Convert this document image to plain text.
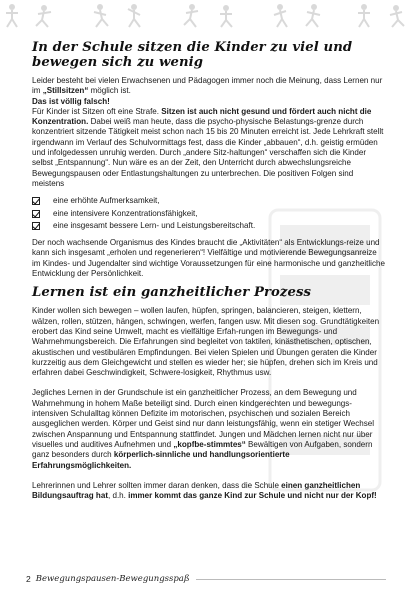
In der Schule sitzen die Kinder zu viel und bewegen sich zu wenig

Leider besteht bei vielen Erwachsenen und Pädagogen immer noch die Meinung, dass Lernen nur im „Stillsitzen“ möglich ist.
Das ist völlig falsch!
Für Kinder ist Sitzen oft eine Strafe. Sitzen ist auch nicht gesund und fördert auch nicht die Konzentration. Dabei weiß man heute, dass die psycho-physische Belastungs-grenze durch konzentriert sitzende Tätigkeit meist schon nach 15 bis 20 Minuten erreicht ist. Jede Lehrkraft stellt irgendwann im Verlauf des Schulvormittags fest, dass die Kinder „abbauen“, d.h. geistig ermüden und infolgedessen unruhig werden. Durch „andere Sitz-haltungen“ verschaffen sich die Kinder selbst „Entspannung“. Nun wäre es an der Zeit, den Unterricht durch abwechslungsreiche Bewegungspausen oder Entlastungshaltungen zu unterbrechen. Die positiven Folgen sind meistens

eine erhöhte Aufmerksamkeit,
eine intensivere Konzentrationsfähigkeit,
eine insgesamt bessere Lern- und Leistungsbereitschaft.

Der noch wachsende Organismus des Kindes braucht die „Aktivitäten“ als Entwicklungs-reize und kann sich insgesamt „erholen und regenerieren“! Vielfältige und motivierende Bewegungsanreize im Kindes- und Jugendalter sind wichtige Voraussetzungen für eine harmonische und ganzheitliche Entwicklung der Persönlichkeit.

Lernen ist ein ganzheitlicher Prozess

Kinder wollen sich bewegen – wollen laufen, hüpfen, springen, balancieren, steigen, klettern, wälzen, rollen, stützen, hängen, schwingen, werfen, fangen usw. Mit diesen sog. Grundtätigkeiten erobert das Kind seine Umwelt, macht es vielfältige Erfah-rungen im Bewegungs- und Wahrnehmungsbereich. Die Erfahrungen sind begleitet von taktilen, kinästhetischen, optischen, akustischen und vestibulären Empfindungen. Bei vielen Spielen und Übungen geraten die Kinder kurzzeitig aus dem Gleichgewicht und stellen es wieder her; sie hüpfen, drehen sich im Kreis und erfahren dabei Geschwindigkeit, Schwere-losigkeit, Rhythmus usw.

Jegliches Lernen in der Grundschule ist ein ganzheitlicher Prozess, an dem Bewegung und Wahrnehmung in hohem Maße beteiligt sind. Durch einen kindgerechten und bewegungs-intensiven Schulalltag können Defizite im motorischen, psychischen und sozialen Bereich ausgeglichen werden. Körper und Geist sind nur dann leistungsfähig, wenn ein stetiger Wechsel zwischen Anspannung und Entspannung stattfindet. Jungen und Mädchen lernen nicht nur über visuelles und auditives Aufnehmen und „kopfbe-stimmtes“ Bewältigen von Aufgaben, sondern ganz besonders durch körperlich-sinnliche und handlungsorientierte Erfahrungsmöglichkeiten.

Lehrerinnen und Lehrer sollten immer daran denken, dass die Schule einen ganzheitlichen Bildungsauftrag hat, d.h. immer kommt das ganze Kind zur Schule und nicht nur der Kopf!

2 Bewegungspausen-Bewegungsspaß
